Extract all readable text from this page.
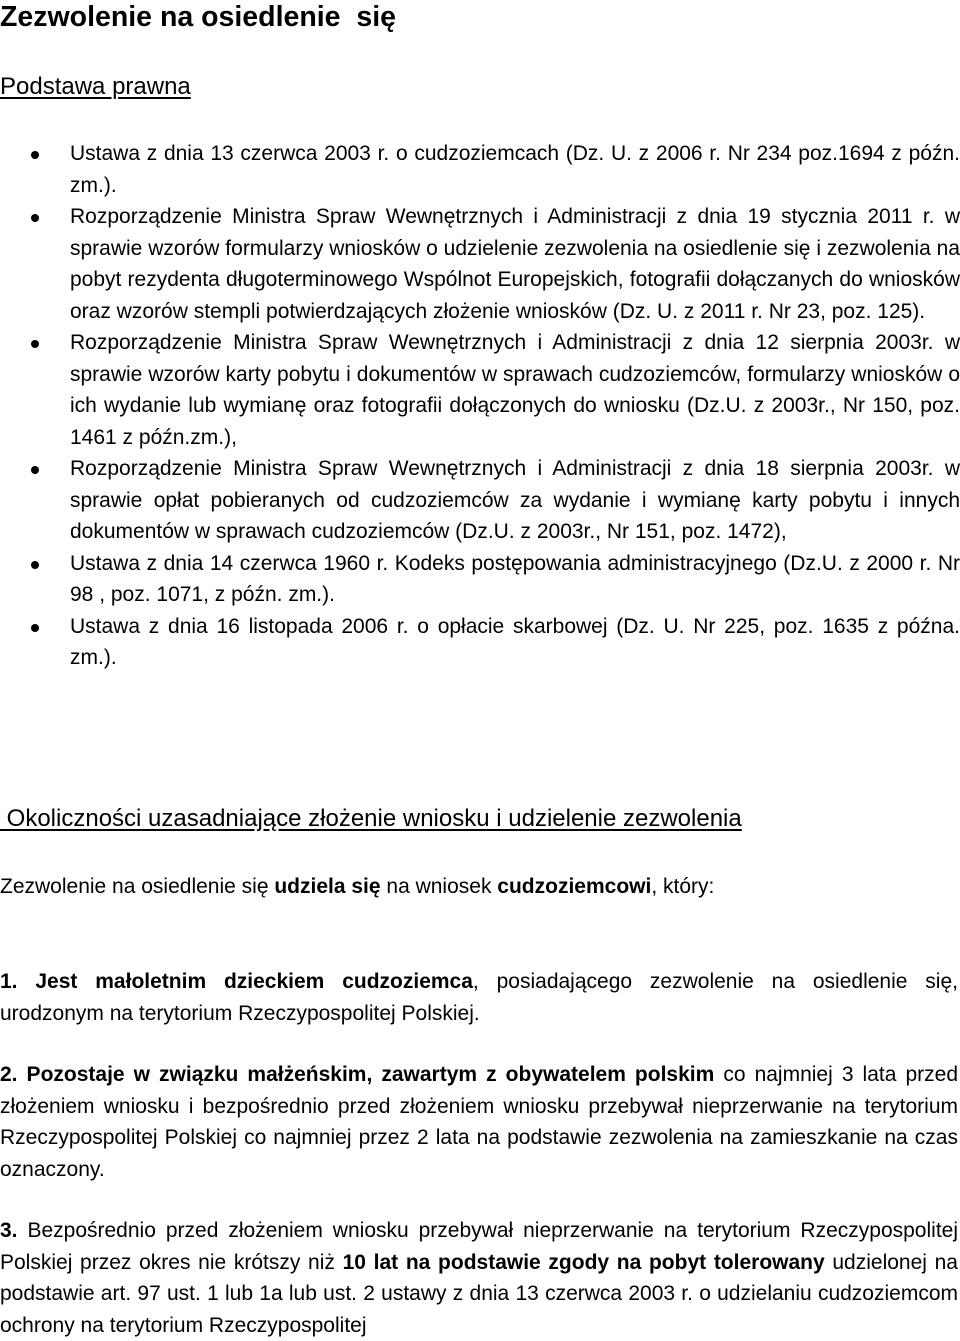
Zezwolenie na osiedlenie  się
Podstawa prawna
Ustawa z dnia 13 czerwca 2003 r. o cudzoziemcach (Dz. U. z 2006 r. Nr 234 poz.1694 z późn. zm.).
Rozporządzenie Ministra Spraw Wewnętrznych i Administracji z dnia 19 stycznia 2011 r. w sprawie wzorów formularzy wniosków o udzielenie zezwolenia na osiedlenie się i zezwolenia na pobyt rezydenta długoterminowego Wspólnot Europejskich, fotografii dołączanych do wniosków oraz wzorów stempli potwierdzających złożenie wniosków (Dz. U. z 2011 r. Nr 23, poz. 125).
Rozporządzenie Ministra Spraw Wewnętrznych i Administracji z dnia 12 sierpnia 2003r. w sprawie wzorów karty pobytu i dokumentów w sprawach cudzoziemców, formularzy wniosków o ich wydanie lub wymianę oraz fotografii dołączonych do wniosku (Dz.U. z 2003r., Nr 150, poz. 1461 z późn.zm.),
Rozporządzenie Ministra Spraw Wewnętrznych i Administracji z dnia 18 sierpnia 2003r. w sprawie opłat pobieranych od cudzoziemców za wydanie i wymianę karty pobytu i innych dokumentów w sprawach cudzoziemców (Dz.U. z 2003r., Nr 151, poz. 1472),
Ustawa z dnia 14 czerwca 1960 r. Kodeks postępowania administracyjnego (Dz.U. z 2000 r. Nr 98 , poz. 1071, z późn. zm.).
Ustawa z dnia 16 listopada 2006 r. o opłacie skarbowej (Dz. U. Nr 225, poz. 1635 z późna. zm.).
Okoliczności uzasadniające złożenie wniosku i udzielenie zezwolenia

Zezwolenie na osiedlenie się udziela się na wniosek cudzoziemcowi, który:

1. Jest małoletnim dzieckiem cudzoziemca, posiadającego zezwolenie na osiedlenie się, urodzonym na terytorium Rzeczypospolitej Polskiej.

2. Pozostaje w związku małżeńskim, zawartym z obywatelem polskim co najmniej 3 lata przed złożeniem wniosku i bezpośrednio przed złożeniem wniosku przebywał nieprzerwanie na terytorium Rzeczypospolitej Polskiej co najmniej przez 2 lata na podstawie zezwolenia na zamieszkanie na czas oznaczony.

3. Bezpośrednio przed złożeniem wniosku przebywał nieprzerwanie na terytorium Rzeczypospolitej Polskiej przez okres nie krótszy niż 10 lat na podstawie zgody na pobyt tolerowany udzielonej na podstawie art. 97 ust. 1 lub 1a lub ust. 2 ustawy z dnia 13 czerwca 2003 r. o udzielaniu cudzoziemcom ochrony na terytorium Rzeczypospolitej
